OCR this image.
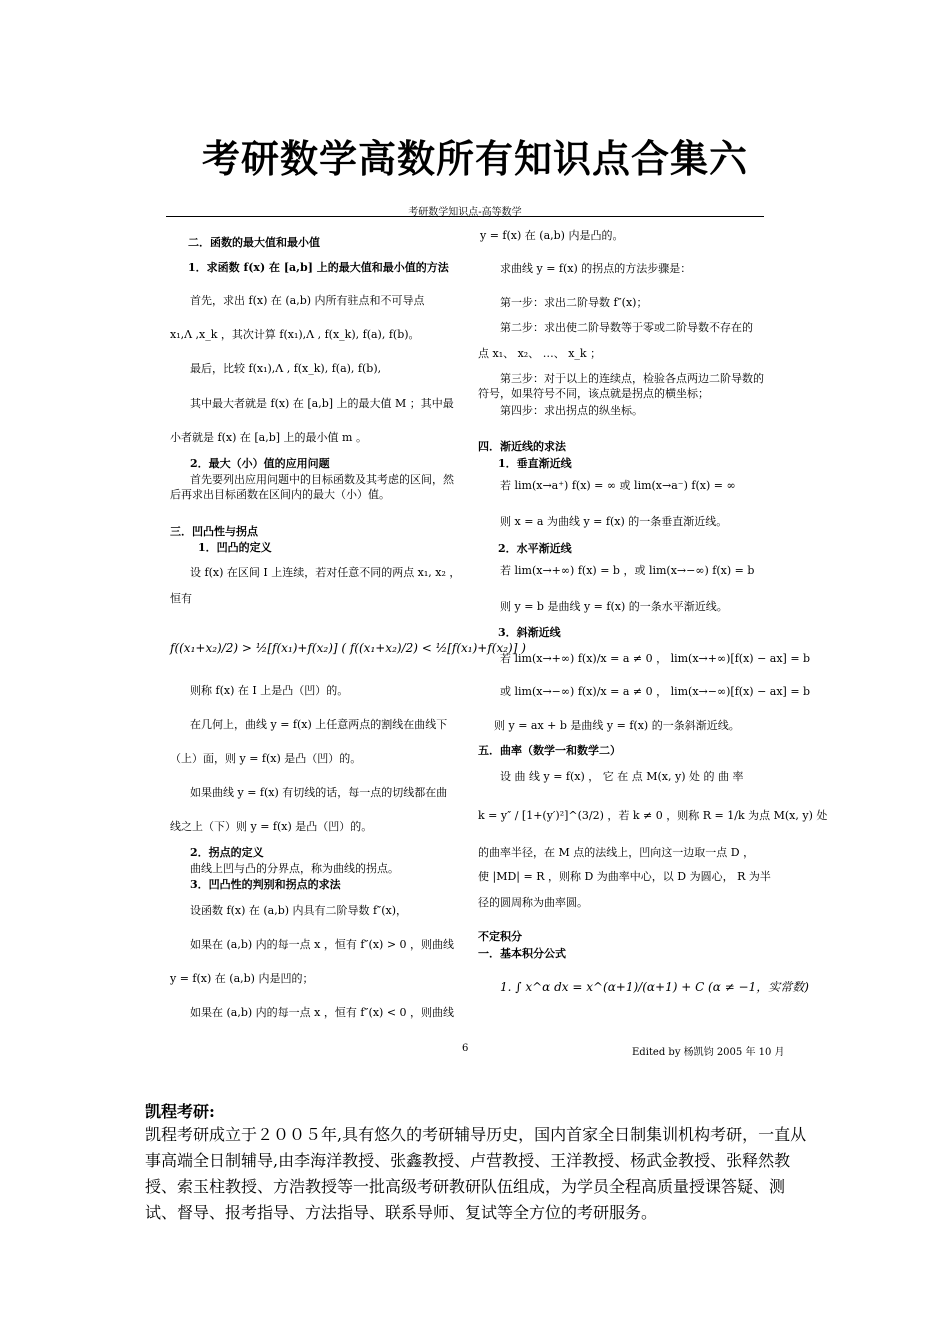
考研数学高数所有知识点合集六
考研数学知识点-高等数学
二．函数的最大值和最小值
1．求函数 f(x) 在 [a,b] 上的最大值和最小值的方法
首先，求出 f(x) 在 (a,b) 内所有驻点和不可导点
x₁,Λ ,x_k ，其次计算 f(x₁),Λ , f(x_k), f(a), f(b)。
最后，比较 f(x₁),Λ , f(x_k), f(a), f(b),
其中最大者就是 f(x) 在 [a,b] 上的最大值 M ；其中最
小者就是 f(x) 在 [a,b] 上的最小值 m 。
2．最大（小）值的应用问题
首先要列出应用问题中的目标函数及其考虑的区间，然后再求出目标函数在区间内的最大（小）值。
三．凹凸性与拐点
1．凹凸的定义
设 f(x) 在区间 I 上连续，若对任意不同的两点 x₁, x₂ ，
恒有
f((x₁+x₂)/2) > ½[f(x₁)+f(x₂)] ( f((x₁+x₂)/2) < ½[f(x₁)+f(x₂)] )
则称 f(x) 在 I 上是凸（凹）的。
在几何上，曲线 y = f(x) 上任意两点的割线在曲线下
（上）面，则 y = f(x) 是凸（凹）的。
如果曲线 y = f(x) 有切线的话，每一点的切线都在曲
线之上（下）则 y = f(x) 是凸（凹）的。
2．拐点的定义
曲线上凹与凸的分界点，称为曲线的拐点。
3．凹凸性的判别和拐点的求法
设函数 f(x) 在 (a,b) 内具有二阶导数 f″(x)，
如果在 (a,b) 内的每一点 x ，恒有 f″(x) > 0 ，则曲线
y = f(x) 在 (a,b) 内是凹的；
如果在 (a,b) 内的每一点 x ，恒有 f″(x) < 0 ，则曲线
y = f(x) 在 (a,b) 内是凸的。
求曲线 y = f(x) 的拐点的方法步骤是：
第一步：求出二阶导数 f″(x)；
第二步：求出使二阶导数等于零或二阶导数不存在的
点 x₁、 x₂、 …、 x_k ；
第三步：对于以上的连续点，检验各点两边二阶导数的符号，如果符号不同，该点就是拐点的横坐标；
第四步：求出拐点的纵坐标。
四．渐近线的求法
1．垂直渐近线
若 lim(x→a⁺) f(x) = ∞ 或 lim(x→a⁻) f(x) = ∞
则 x = a 为曲线 y = f(x) 的一条垂直渐近线。
2．水平渐近线
若 lim(x→+∞) f(x) = b ，或 lim(x→−∞) f(x) = b
则 y = b 是曲线 y = f(x) 的一条水平渐近线。
3．斜渐近线
若 lim(x→+∞) f(x)/x = a ≠ 0 ， lim(x→+∞)[f(x) − ax] = b
或 lim(x→−∞) f(x)/x = a ≠ 0 ， lim(x→−∞)[f(x) − ax] = b
则 y = ax + b 是曲线 y = f(x) 的一条斜渐近线。
五．曲率（数学一和数学二）
设 曲 线 y = f(x) ， 它 在 点 M(x, y) 处 的 曲 率
k = y″ / [1+(y′)²]^(3/2) ，若 k ≠ 0 ，则称 R = 1/k 为点 M(x, y) 处
的曲率半径，在 M 点的法线上，凹向这一边取一点 D ，
使 |MD| = R ，则称 D 为曲率中心，以 D 为圆心， R 为半
径的圆周称为曲率圆。
不定积分
一．基本积分公式
1. ∫ x^α dx = x^(α+1)/(α+1) + C (α ≠ −1，实常数)
6	Edited by 杨凯钧 2005 年 10 月
凯程考研:
凯程考研成立于２００５年,具有悠久的考研辅导历史，国内首家全日制集训机构考研，一直从事高端全日制辅导,由李海洋教授、张鑫教授、卢营教授、王洋教授、杨武金教授、张释然教授、索玉柱教授、方浩教授等一批高级考研教研队伍组成，为学员全程高质量授课答疑、测试、督导、报考指导、方法指导、联系导师、复试等全方位的考研服务。
